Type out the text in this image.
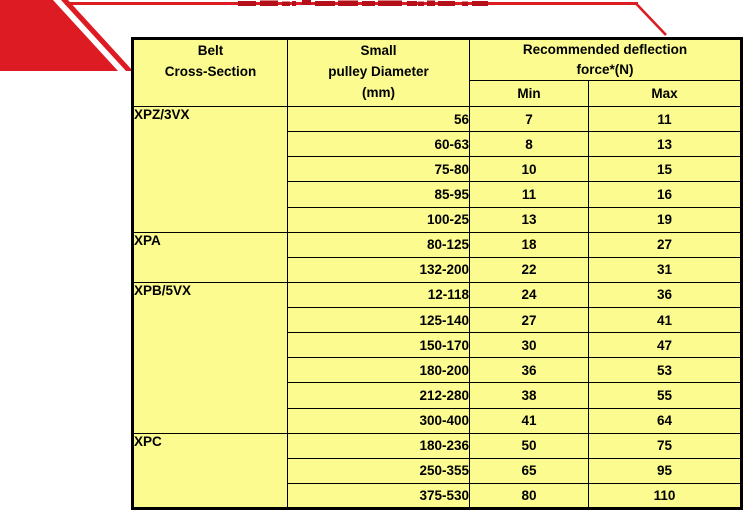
Belt
Cross-Section

Small
pulley Diameter
(mm)

Recommended deflection
force*(N)

		Min	Max
XPZ/3VX	56	7	11
	60-63	8	13
	75-80	10	15
	85-95	11	16
	100-25	13	19
XPA	80-125	18	27
	132-200	22	31
XPB/5VX	12-118	24	36
	125-140	27	41
	150-170	30	47
	180-200	36	53
	212-280	38	55
	300-400	41	64
XPC	180-236	50	75
	250-355	65	95
	375-530	80	110
